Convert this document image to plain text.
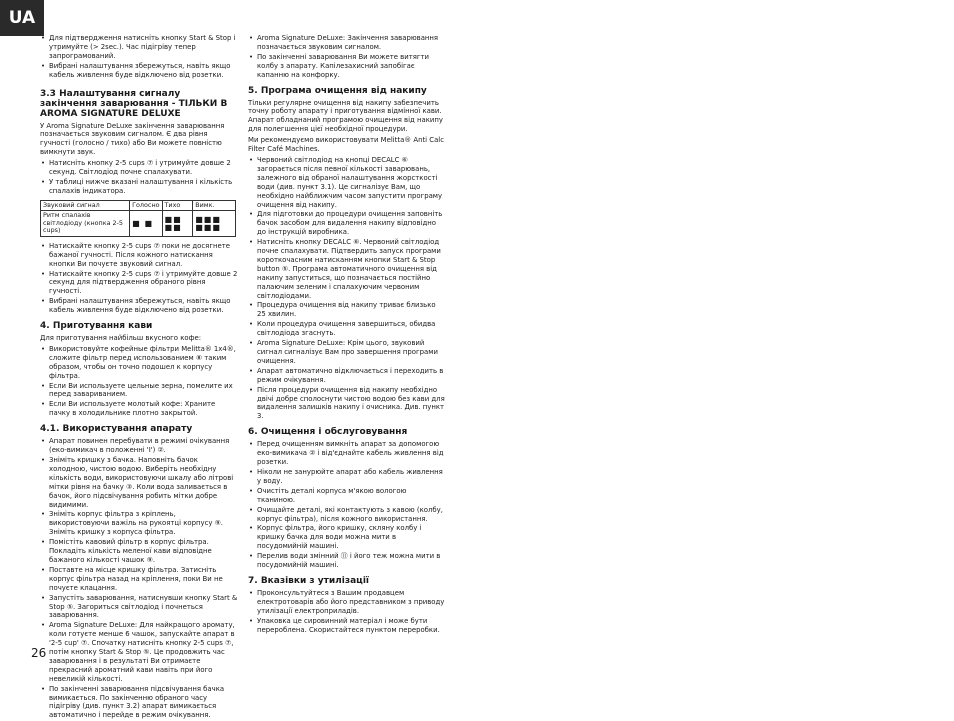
UA
• Для підтвердження натисніть кнопку Start & Stop і утримуйте (> 2sec.). Час підігріву тепер запрограмований.
• Вибрані налаштування збережуться, навіть якщо кабель живлення буде відключено від розетки.
3.3 Налаштування сигналу закінчення заварювання - ТІЛЬКИ В AROMA SIGNATURE DELUXE

У Aroma Signature DeLuxe закінчення заварювання позначається звуковим сигналом. Є два рівня гучності (голосно / тихо) або Ви можете повністю вимкнути звук.

• Натисніть кнопку 2-5 cups ⑦ і утримуйте довше 2 секунд. Світлодіод почне спалахувати.
• У таблиці нижче вказані налаштування і кількість спалахів індикатора.
Звуковий сигнал	Голосно	Тихо	Вимк.
Ритм спалахів світлодіоду (кнопка 2-5 cups)	■ ■	■■ ■■	■■■ ■■■
• Натискайте кнопку 2-5 cups ⑦ поки не досягнете бажаної гучності. Після кожного натискання кнопки Ви почуєте звуковий сигнал.
• Натискайте кнопку 2-5 cups ⑦ і утримуйте довше 2 секунд для підтвердження обраного рівня гучності.
• Вибрані налаштування збережуться, навіть якщо кабель живлення буде відключено від розетки.
4. Приготування кави

Для приготування найбільш вкусного кофе:

• Використовуйте кофейные фільтри Melitta® 1x4®, сложите фільтр перед использованием ⑧ таким образом, чтобы он точно подошел к корпусу фільтра.
• Если Ви используете цельные зерна, помелите их перед завариванием.
• Если Ви используете молотый кофе: Храните пачку в холодильнике плотно закрытой.
4.1. Використування апарату
• Апарат повинен перебувати в режимі очікування (еко-вимикач в положенні 'I') ②.
• Зніміть кришку з бачка. Наповніть бачок холодною, чистою водою. Виберіть необхідну кількість води, використовуючи шкалу або літрові мітки рівня на бачку ③. Коли вода заливається в бачок, його підсвічування робить мітки добре видимими.
• Зніміть корпус фільтра з кріплень, використовуючи важіль на рукоятці корпусу ⑨. Зніміть кришку з корпуса фільтра.
• Помістіть кавовий фільтр в корпус фільтра. Покладіть кількість меленої кави відповідне бажаного кількості чашок ⑨.
• Поставте на місце кришку фільтра. Затисніть корпус фільтра назад на кріплення, поки Ви не почуєте клацання.
• Запустіть заварювання, натиснувши кнопку Start & Stop ⑤. Загориться світлодіод і почнеться заварювання.
• Aroma Signature DeLuxe: Для найкращого аромату, коли готуєте менше 6 чашок, запускайте апарат в '2-5 cup' ⑦. Спочатку натисніть кнопку 2-5 cups ⑦, потім кнопку Start & Stop ⑤. Це продовжить час заварювання і в результаті Ви отримаєте прекрасний ароматний кави навіть при його невеликій кількості.
• По закінченні заварювання підсвічування бачка вимикається. По закінченню обраного часу підігріву (див. пункт 3.2) апарат вимикається автоматично і перейде в режим очікування.
• Aroma Signature DeLuxe: Закінчення заварювання позначається звуковим сигналом.
• По закінченні заварювання Ви можете витягти колбу з апарату. Капілезахисний запобігає капанню на конфорку.
5. Програма очищення від накипу

Тільки регулярне очищення від накипу забезпечить точну роботу апарату і приготування відмінної кави. Апарат обладнаний програмою очищення від накипу для полегшення цієї необхідної процедури.

Ми рекомендуємо використовувати Melitta® Anti Calc Filter Café Machines.

• Червоний світлодіод на кнопці DECALC ⑥ загорається після певної кількості заварювань, залежного від обраної налаштування жорсткості води (див. пункт 3.1). Це сигналізує Вам, що необхідно найближчим часом запустити програму очищення від накипу.
• Для підготовки до процедури очищення заповніть бачок засобом для видалення накипу відповідно до інструкцій виробника.
• Натисніть кнопку DECALC ⑥. Червоний світлодіод почне спалахувати. Підтвердить запуск програми короткочасним натисканням кнопки Start & Stop button ⑤. Програма автоматичного очищення від накипу запуститься, що позначається постійно палаючим зеленим і спалахуючим червоним світлодіодами.
• Процедура очищення від накипу триває близько 25 хвилин.
• Коли процедура очищення завершиться, обидва світлодіода згаснуть.
• Aroma Signature DeLuxe: Крім цього, звуковий сигнал сигналізує Вам про завершення програми очищення.
• Апарат автоматично відключається і переходить в режим очікування.
• Після процедури очищення від накипу необхідно двічі добре сполоснути чистою водою без кави для видалення залишків накипу і очисника. Див. пункт 3.
6. Очищення і обслуговування
• Перед очищенням вимкніть апарат за допомогою еко-вимикача ② і від'єднайте кабель живлення від розетки.
• Ніколи не занурюйте апарат або кабель живлення у воду.
• Очистіть деталі корпуса м'якою вологою тканиною.
• Очищайте деталі, які контактують з кавою (колбу, корпус фільтра), після кожного використання.
• Корпус фільтра, його кришку, скляну колбу і кришку бачка для води можна мити в посудомийній машині.
• Перелив води змінний ⑪ і його теж можна мити в посудомийній машині.
7. Вказівки з утилізації
• Проконсультуйтеся з Вашим продавцем електротоварів або його представником з приводу утилізації електроприладів.
• Упаковка це сировинний матеріал і може бути перероблена. Скористайтеся пунктом переробки.
26
